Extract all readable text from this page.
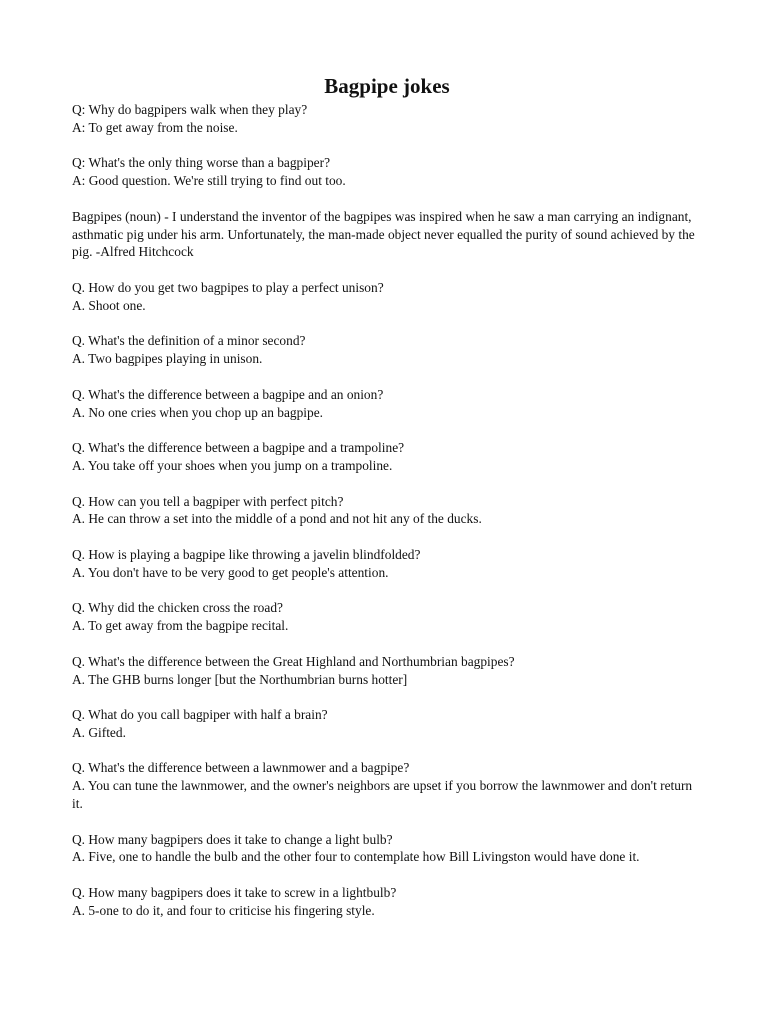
Bagpipe jokes
Q: Why do bagpipers walk when they play?
A: To get away from the noise.
Q: What's the only thing worse than a bagpiper?
A: Good question. We're still trying to find out too.
Bagpipes (noun) - I understand the inventor of the bagpipes was inspired when he saw a man carrying an indignant, asthmatic pig under his arm. Unfortunately, the man-made object never equalled the purity of sound achieved by the pig. -Alfred Hitchcock
Q. How do you get two bagpipes to play a perfect unison?
A. Shoot one.
Q. What's the definition of a minor second?
A. Two bagpipes playing in unison.
Q. What's the difference between a bagpipe and an onion?
A. No one cries when you chop up an bagpipe.
Q. What's the difference between a bagpipe and a trampoline?
A. You take off your shoes when you jump on a trampoline.
Q. How can you tell a bagpiper with perfect pitch?
A. He can throw a set into the middle of a pond and not hit any of the ducks.
Q. How is playing a bagpipe like throwing a javelin blindfolded?
A. You don't have to be very good to get people's attention.
Q. Why did the chicken cross the road?
A. To get away from the bagpipe recital.
Q. What's the difference between the Great Highland and Northumbrian bagpipes?
A. The GHB burns longer [but the Northumbrian burns hotter]
Q. What do you call bagpiper with half a brain?
A. Gifted.
Q. What's the difference between a lawnmower and a bagpipe?
A. You can tune the lawnmower, and the owner's neighbors are upset if you borrow the lawnmower and don't return it.
Q. How many bagpipers does it take to change a light bulb?
A. Five, one to handle the bulb and the other four to contemplate how Bill Livingston would have done it.
Q. How many bagpipers does it take to screw in a lightbulb?
A. 5-one to do it, and four to criticise his fingering style.
